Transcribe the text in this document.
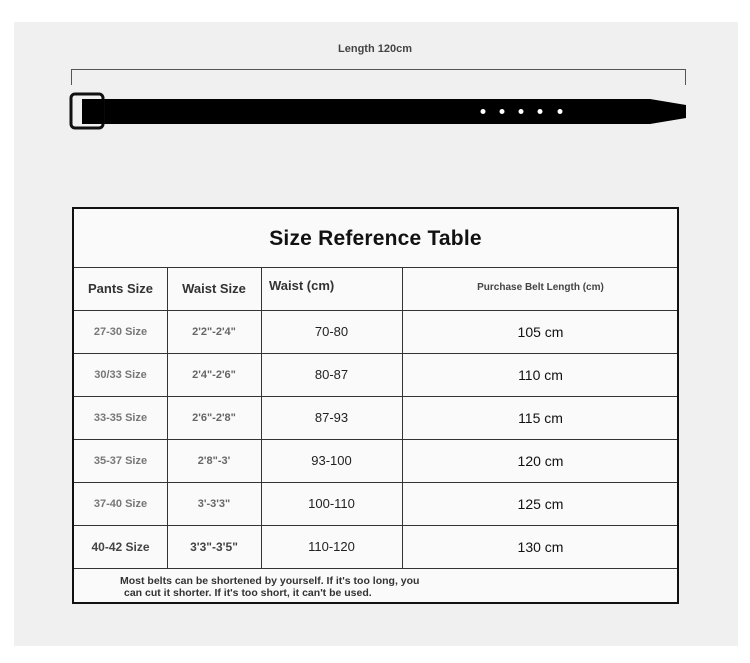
Length 120cm
Size Reference Table
Pants Size	Waist Size	Waist (cm)	Purchase Belt Length (cm)
27-30 Size	2'2"-2'4"	70-80	105 cm
30/33 Size	2'4"-2'6"	80-87	110 cm
33-35 Size	2'6"-2'8"	87-93	115 cm
35-37 Size	2'8"-3'	93-100	120 cm
37-40 Size	3'-3'3"	100-110	125 cm
40-42 Size	3'3"-3'5"	110-120	130 cm
Most belts can be shortened by yourself. If it's too long, you
can cut it shorter. If it's too short, it can't be used.
